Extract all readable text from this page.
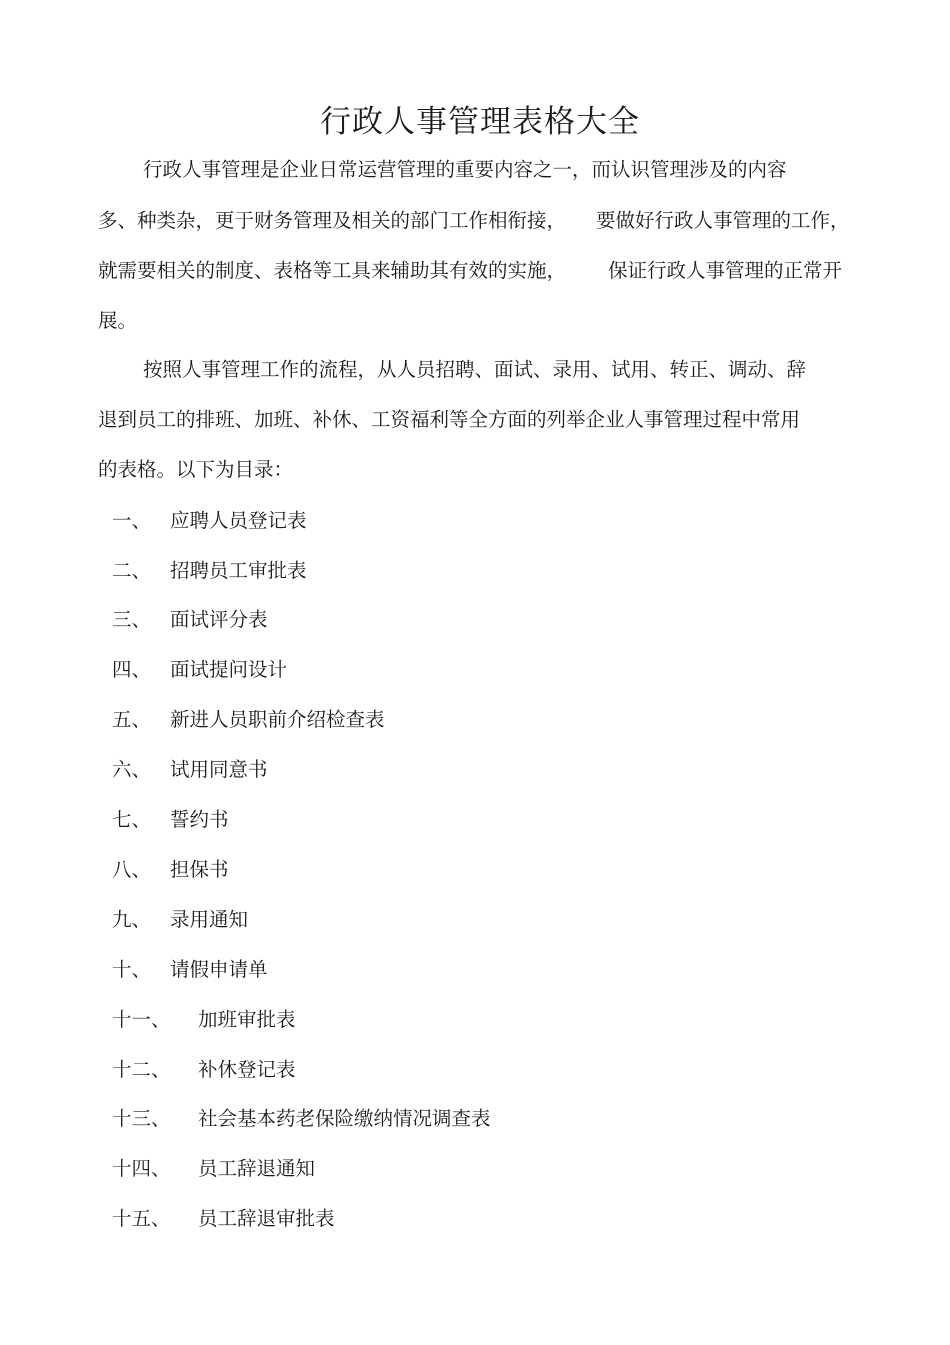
行政人事管理表格大全
行政人事管理是企业日常运营管理的重要内容之一，而认识管理涉及的内容
多、种类杂，更于财务管理及相关的部门工作相衔接， 要做好行政人事管理的工作，
就需要相关的制度、表格等工具来辅助其有效的实施， 保证行政人事管理的正常开
展。
按照人事管理工作的流程，从人员招聘、面试、录用、试用、转正、调动、辞
退到员工的排班、加班、补休、工资福利等全方面的列举企业人事管理过程中常用
的表格。以下为目录：
一、 应聘人员登记表
二、 招聘员工审批表
三、 面试评分表
四、 面试提问设计
五、 新进人员职前介绍检查表
六、 试用同意书
七、 誓约书
八、 担保书
九、 录用通知
十、 请假申请单
十一、 加班审批表
十二、 补休登记表
十三、 社会基本药老保险缴纳情况调查表
十四、 员工辞退通知
十五、 员工辞退审批表
